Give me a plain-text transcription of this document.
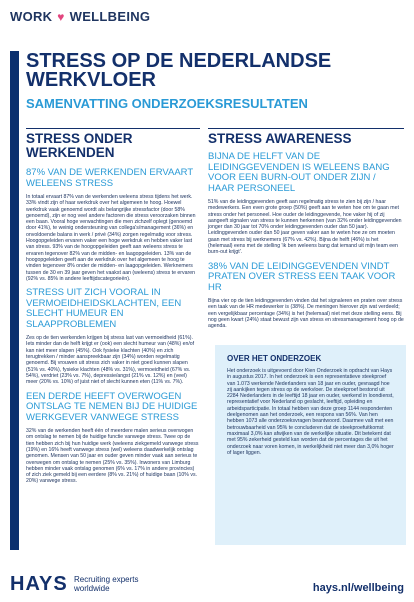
WORK ♥ WELLBEING
STRESS OP DE NEDERLANDSE WERKVLOER
SAMENVATTING ONDERZOEKSRESULTATEN
STRESS ONDER WERKENDEN
87% VAN DE WERKENDEN ERVAART WELEENS STRESS

In totaal ervaart 87% van de werkenden weleens stress tijdens het werk. 33% vindt zijn of haar werkdruk over het algemeen te hoog. Hoewel werkdruk vaak genoemd wordt als belangrijke stressfactor (door 58% genoemd), zijn er nog veel andere factoren die stress veroorzaken binnen een baan. Vooral hoge verwachtingen die men zichzelf oplegt (genoemd door 41%), te weinig ondersteuning van collega's/management (36%) en onvoldoende balans in werk / privé (34%) zorgen regelmatig voor stress. Hoogopgeleiden ervaren vaker een hoge werkdruk en hebben vaker last van stress. 93% van de hoogopgeleiden geeft aan weleens stress te ervaren tegenover 82% van de midden- en laagopgeleiden. 13% van de hoogopgeleiden geeft aan de werkdruk over het algemeen te hoog te vinden tegenover 8% onder de midden- en laagopgeleiden. Werknemers tussen de 30 en 39 jaar geven het vaakst aan (weleens) stress te ervaren (92% vs. 85% in andere leeftijdscategorieën).

STRESS UIT ZICH VOORAL IN VERMOEIDHEIDSKLACHTEN, EEN SLECHT HUMEUR EN SLAAPPROBLEMEN

Zes op de tien werkenden krijgen bij stress last van vermoeidheid (61%). Iets minder dan de helft krijgt er (ook) een slecht humeur van (48%) en/of kan niet meer slapen (45%). Ook fysieke klachten (40%) en zich terugtrekken / minder aanspreekbaar zijn (34%) worden regelmatig genoemd. Bij vrouwen uit stress zich vaker in niet goed kunnen slapen (51% vs. 40%), fysieke klachten (48% vs. 31%), vermoeidheid (67% vs. 54%), verdriet (23% vs. 7%), depressie/angst (21% vs. 12%) en (veel) meer (20% vs. 10%) of juist niet of slecht kunnen eten (11% vs. 7%).

EEN DERDE HEEFT OVERWOGEN ONTSLAG TE NEMEN BIJ DE HUIDIGE WERKGEVER VANWEGE STRESS

32% van de werkenden heeft één of meerdere malen serieus overwogen om ontslag te nemen bij de huidige functie vanwege stress. Twee op de tien hebben zich bij hun huidige werk (weleens ziekgemeld vanwege stress (19%) en 16% heeft vanwege stress (wel) weleens daadwerkelijk ontslag genomen. Mensen van 50 jaar en ouder geven minder vaak aan serieus te overwegen om ontslag te nemen (25% vs. 35%). Inwoners van Limburg hebben minder vaak ontslag genomen (6% vs. 17% in andere provincies) of zich ziek gemeld bij een eerdere (8% vs. 21%) of huidige baan (10% vs. 20%) vanwege stress.

STRESS AWARENESS
BIJNA DE HELFT VAN DE LEIDINGGEVENDEN IS WELEENS BANG VOOR EEN BURN-OUT ONDER ZIJN / HAAR PERSONEEL

51% van de leidinggevenden geeft aan regelmatig stress te zien bij zijn / haar medewerkers. Een even grote groep (50%) geeft aan te weten hoe om te gaan met stress onder het personeel. Hoe ouder de leidinggevende, hoe vaker hij of zij aangeeft signalen van stress te kunnen herkennen (van 32% onder leidinggevenden jonger dan 30 jaar tot 70% onder leidinggevenden ouder dan 50 jaar). Leidinggevenden ouder dan 50 jaar geven vaker aan te weten hoe ze om moeten gaan met stress bij werknemers (67% vs. 42%). Bijna de helft (46%) is het (helemaal) eens met de stelling 'ik ben weleens bang dat iemand uit mijn team een burn-out krijgt'.

38% VAN DE LEIDINGGEVENDEN VINDT PRATEN OVER STRESS EEN TAAK VOOR HR

Bijna vier op de tien leidinggevenden vinden dat het signaleren en praten over stress een taak van de HR medewerker is (38%). De meningen hierover zijn wat verdeeld; een vergelijkbaar percentage (34%) is het (helemaal) niet met deze stelling eens. Bij nog geen kwart (24%) staat bewust zijn van stress en stressmanagement hoog op de agenda.

OVER HET ONDERZOEK

Het onderzoek is uitgevoerd door Kien Onderzoek in opdracht van Hays in augustus 2017. In het onderzoek is een representatieve steekproef van 1.073 werkende Nederlanders van 18 jaar en ouder, gevraagd hoe zij aankijken tegen stress op de werkvloer. De steekproef bestond uit 2284 Nederlanders in de leeftijd 18 jaar en ouder, werkend in loondienst, representatief voor Nederland op geslacht, leeftijd, opleiding en arbeidsparticipatie. In totaal hebben van deze groep 1144 respondenten deelgenomen aan het onderzoek, een respons van 56%. Van hen hebben 1073 alle onderzoeksvragen beantwoord. Daarmee valt met een betrouwbaarheid van 95% te concluderen dat de steekproefuitkomst maximaal 3,0% kan afwijken van de werkelijke situatie. Dit betekent dat met 95% zekerheid gesteld kan worden dat de percentages die uit het onderzoek naar voren komen, in werkelijkheid niet meer dan 3,0% hoger of lager liggen.

HAYS Recruiting experts
worldwide	hays.nl/wellbeing
